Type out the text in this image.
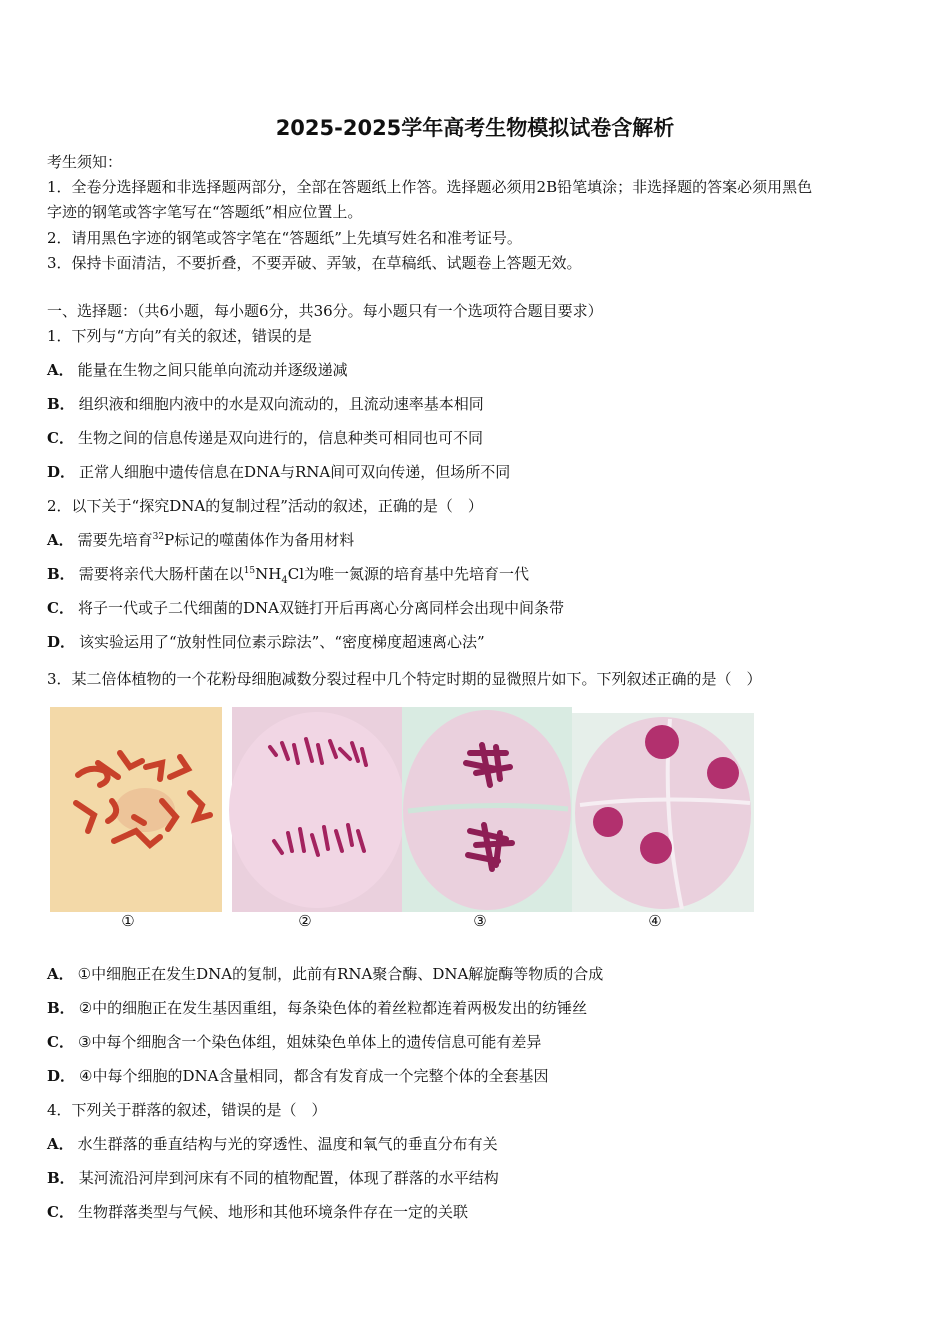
2025-2025学年高考生物模拟试卷含解析
考生须知：
1．全卷分选择题和非选择题两部分，全部在答题纸上作答。选择题必须用2B铅笔填涂；非选择题的答案必须用黑色
字迹的钢笔或答字笔写在“答题纸”相应位置上。
2．请用黑色字迹的钢笔或答字笔在“答题纸”上先填写姓名和准考证号。
3．保持卡面清洁，不要折叠，不要弄破、弄皱，在草稿纸、试题卷上答题无效。
一、选择题：（共6小题，每小题6分，共36分。每小题只有一个选项符合题目要求）
1．下列与“方向”有关的叙述，错误的是
A． 能量在生物之间只能单向流动并逐级递减
B． 组织液和细胞内液中的水是双向流动的，且流动速率基本相同
C． 生物之间的信息传递是双向进行的，信息种类可相同也可不同
D． 正常人细胞中遗传信息在DNA与RNA间可双向传递，但场所不同
2．以下关于“探究DNA的复制过程”活动的叙述，正确的是（　）
A． 需要先培育$^{32}$P标记的噬菌体作为备用材料
B． 需要将亲代大肠杆菌在以$^{15}NH_4Cl$为唯一氮源的培育基中先培育一代
C． 将子一代或子二代细菌的DNA双链打开后再离心分离同样会出现中间条带
D． 该实验运用了“放射性同位素示踪法”、“密度梯度超速离心法”
3．某二倍体植物的一个花粉母细胞减数分裂过程中几个特定时期的显微照片如下。下列叙述正确的是（　）
①	②	③	④
A． ①中细胞正在发生DNA的复制，此前有RNA聚合酶、DNA解旋酶等物质的合成
B． ②中的细胞正在发生基因重组，每条染色体的着丝粒都连着两极发出的纺锤丝
C． ③中每个细胞含一个染色体组，姐妹染色单体上的遗传信息可能有差异
D． ④中每个细胞的DNA含量相同，都含有发育成一个完整个体的全套基因
4．下列关于群落的叙述，错误的是（　）
A． 水生群落的垂直结构与光的穿透性、温度和氧气的垂直分布有关
B． 某河流沿河岸到河床有不同的植物配置，体现了群落的水平结构
C． 生物群落类型与气候、地形和其他环境条件存在一定的关联
